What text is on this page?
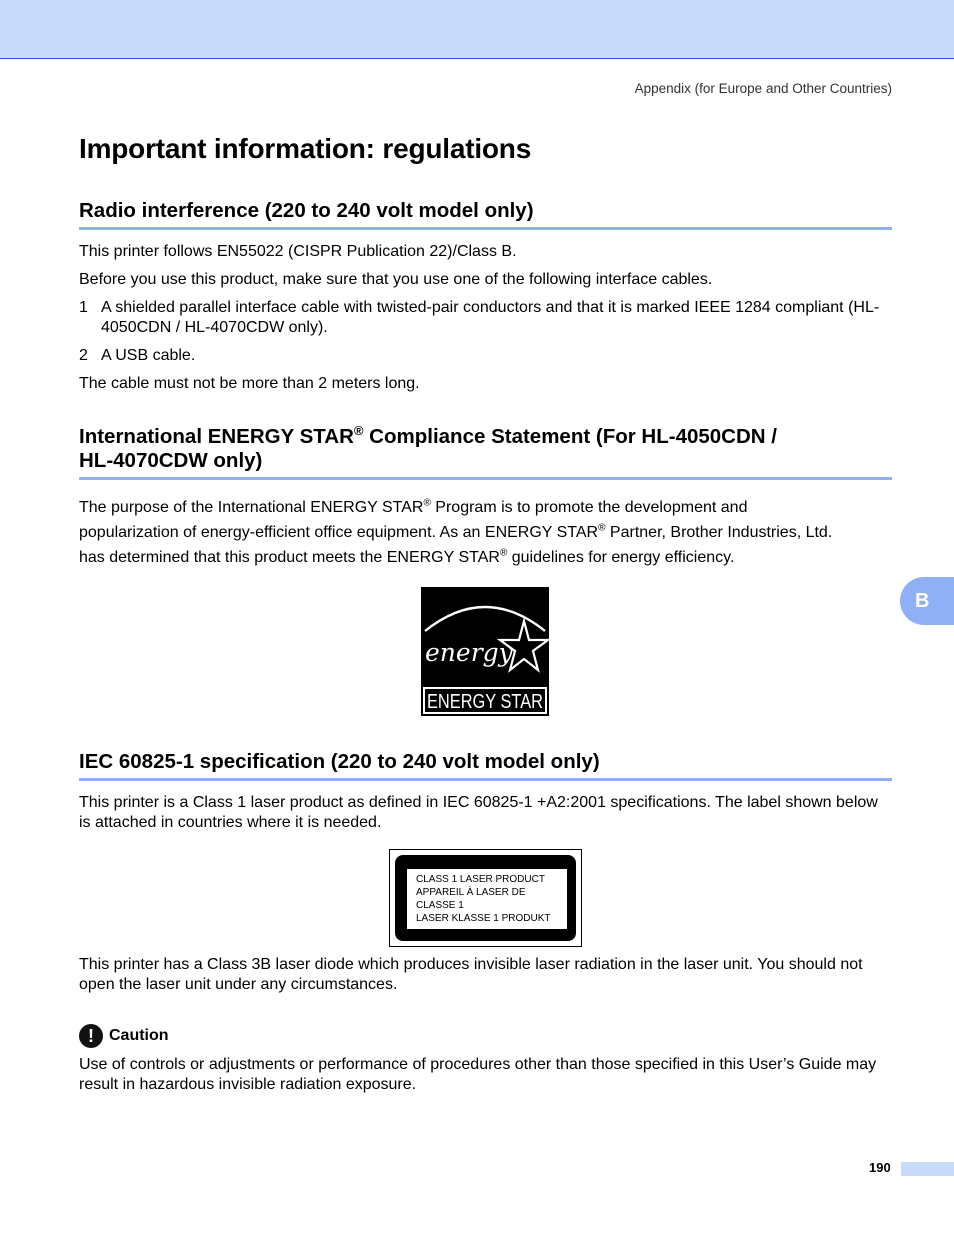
Appendix (for Europe and Other Countries)
Important information: regulations
Radio interference (220 to 240 volt model only)

This printer follows EN55022 (CISPR Publication 22)/Class B.

Before you use this product, make sure that you use one of the following interface cables.

1 A shielded parallel interface cable with twisted-pair conductors and that it is marked IEEE 1284 compliant (HL-4050CDN / HL-4070CDW only).
2 A USB cable.

The cable must not be more than 2 meters long.

International ENERGY STAR® Compliance Statement (For HL-4050CDN /
HL-4070CDW only)

The purpose of the International ENERGY STAR® Program is to promote the development and
popularization of energy-efficient office equipment. As an ENERGY STAR® Partner, Brother Industries, Ltd.
has determined that this product meets the ENERGY STAR® guidelines for energy efficiency.

energy
ENERGY STAR
IEC 60825-1 specification (220 to 240 volt model only)

This printer is a Class 1 laser product as defined in IEC 60825-1 +A2:2001 specifications. The label shown below is attached in countries where it is needed.

CLASS 1 LASER PRODUCT
APPAREIL À LASER DE CLASSE 1
LASER KLASSE 1 PRODUKT

This printer has a Class 3B laser diode which produces invisible laser radiation in the laser unit. You should not open the laser unit under any circumstances.

! Caution

Use of controls or adjustments or performance of procedures other than those specified in this User’s Guide may result in hazardous invisible radiation exposure.

B
190
